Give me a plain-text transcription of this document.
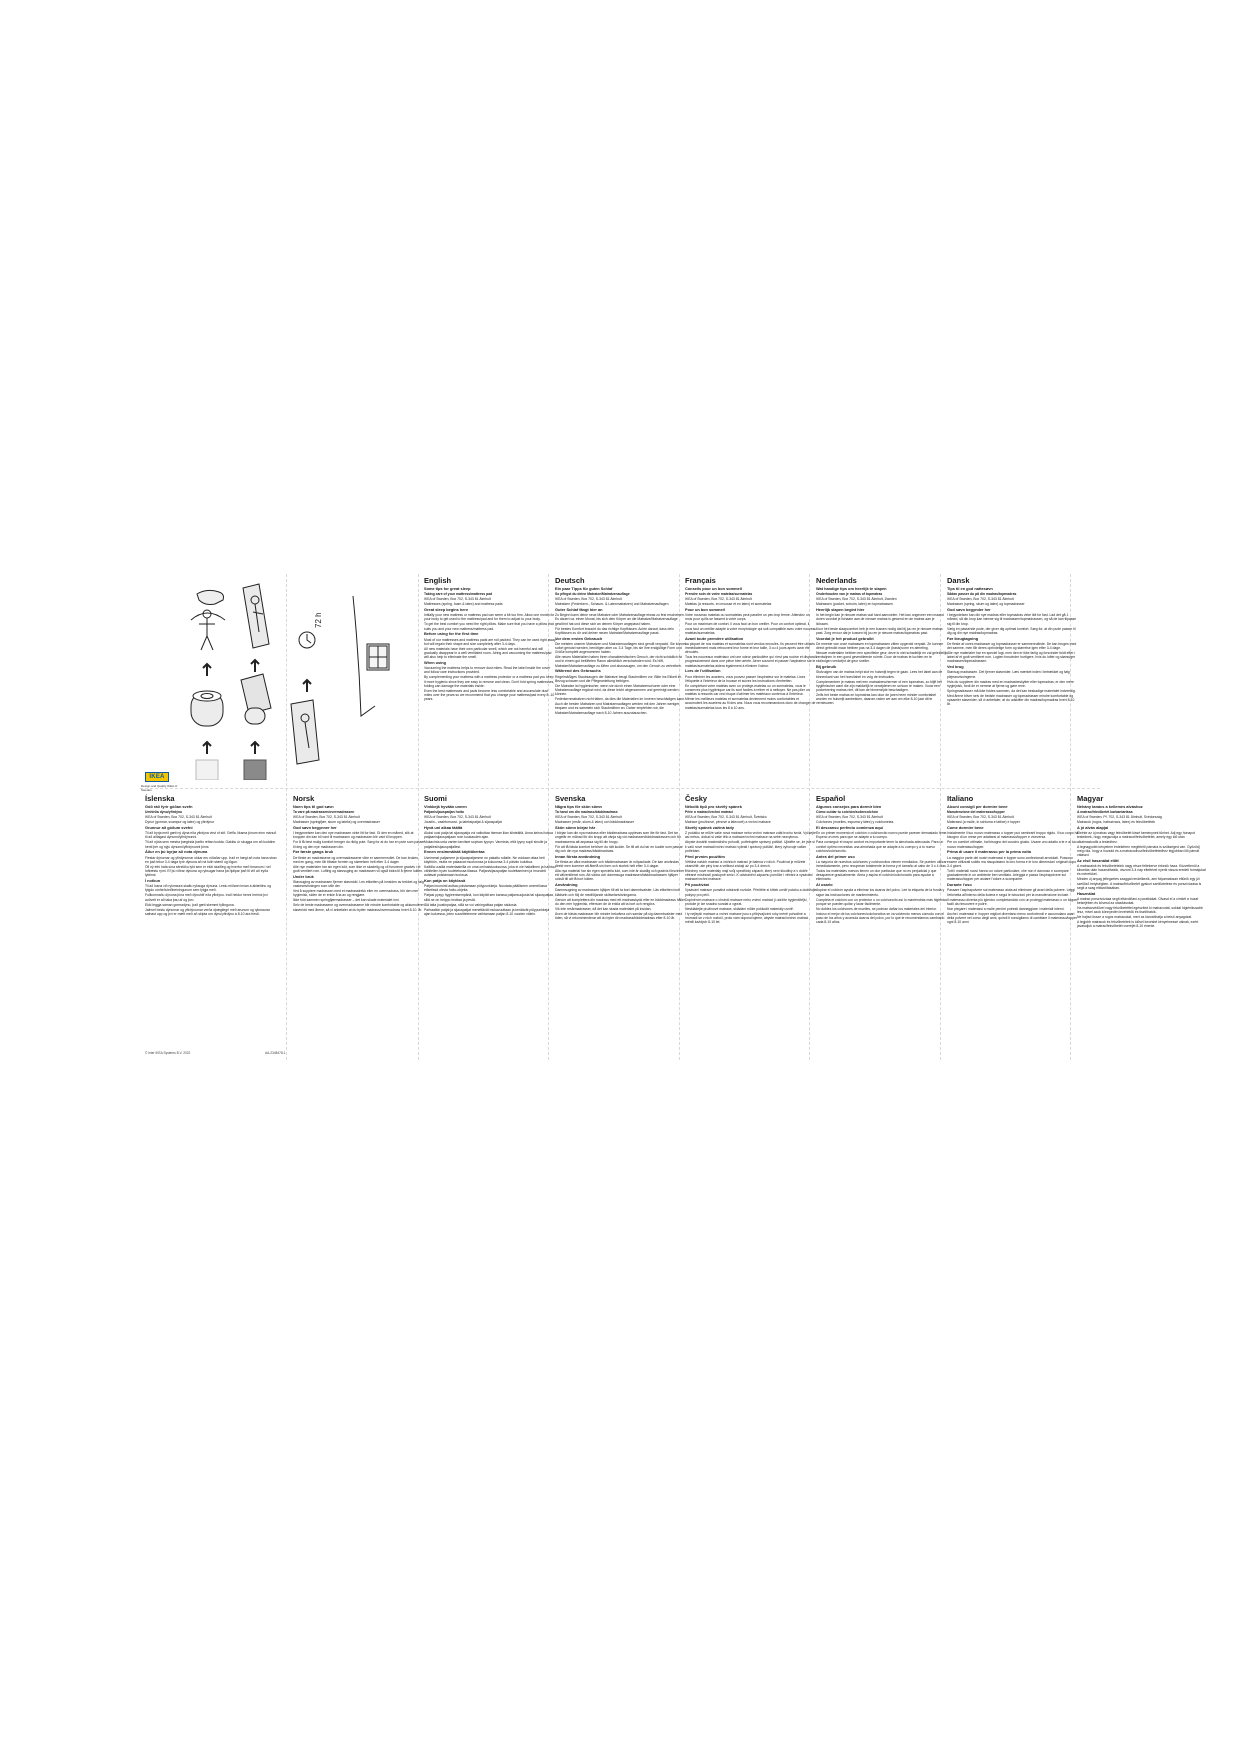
72 h
IKEA
Design and Quality IKEA of Sweden
English
Some tips for great sleep

Taking care of your mattress/mattress pad

IKEA of Sweden, Box 702, S-343 81 Älmhult

Mattresses (spring, foam & latex) and mattress pads

Great sleep begins here

Initially your new mattress or mattress pad can seem a bit too firm. Allow one month for your body to get used to the mattress/pad and for them to adjust to your body.

To get the best comfort you need the right pillow. Make sure that you have a pillow that suits you and your new mattress/mattress pad.

Before using for the first time

Most of our mattresses and mattress pads are roll packed. They can be used right away but will regain their shape and size completely after 3-4 days.

All new materials have their own particular smell, which are not harmful and will gradually disappear in a well ventilated room. Airing and vacuuming the mattress/pad will also help to eliminate the smell.

When using

Vacuuming the mattress helps to remove dust mites. Read the label inside the cover and follow care instructions provided.

By complementing your mattress with a mattress protector or a mattress pad you keep it more hygienic since they are easy to remove and clean. Don't fold spring mattresses, folding can damage the materials inside.

Even the best mattresses and pads become less comfortable and accumulate dust mites over the years so we recommend that you change your mattress/pad every 8 -10 years.

Deutsch
Ein paar Tipps für guten Schlaf

So pflegst du deine Matratze/Matratzenauflage

IKEA of Sweden, Box 702, S-343 81 Älmhult

Matratzen (Federkern-, Schaum- & Latexmatratzen) und Matratzenauflagen

Guter Schlaf fängt hier an

Zu Beginn kann deine neue Matratze oder Matratzenauflage etwas zu fest erscheinen. Es dauert ca. einen Monat, bis sich dein Körper an die Matratze/Matratzenauflage gewöhnt hat und diese sich an deinen Körper angepasst haben.

Für bestes Komfort braucht du das richtige Kopfkissen. Achte darauf, dass dein Kopfkissen zu dir und deiner neuen Matratze/Matratzenauflage passt.

Vor dem ersten Gebrauch

Die meisten unserer Matratzen und Matratzenauflagen sind gerollt verpackt. Sie können sofort genutzt werden, benötigen aber ca. 3-4 Tage, bis sie ihre endgültige Form und Größe komplett angenommen haben.

Alle neuen Materialien haben ihren charakteristischen Geruch, der nicht schädlich ist und in einem gut belüfteten Raum allmählich verschwinden wird. Es hilft, Matratze/Matratzenauflage zu lüften und abzusaugen, um den Geruch zu vertreiben.

Während des Gebrauchs

Regelmäßiges Staubsaugen der Matratze beugt Staubmilben vor. Bitte ins Etikett im Bezug schauen und die Pflegeanleitung befolgen.

Die Matratze ist hygienischer, wenn sie durch einen Matratzenschoner oder eine Matratzenauflage ergänzt wird, da diese leicht abgenommen und gereinigt werden können.

Federkernmatratzen nicht falten, da dies die Materialien im Inneren beschädigen kann.

Auch die besten Matratzen und Matratzenauflagen werden mit den Jahren weniger bequem und es sammeln sich Staubmilben an. Daher empfehlen wir, die Matratze/Matratzenauflage nach 8-10 Jahren auszutauschen.

Français
Conseils pour un bon sommeil

Prendre soin de votre matelas/surmatelas

IKEA of Sweden, Box 702, S-343 81 Älmhult

Matelas (à ressorts, en mousse et en latex) et surmatelas

Pour un bon sommeil

Votre nouveau matelas ou surmatelas peut paraître un peu trop ferme. Attendez un mois pour qu'ils se fassent à votre corps.

Pour un maximum de confort, il vous faut un bon oreiller. Pour un confort optimal, il vous faut un oreiller adapté à votre morphologie qui soit compatible avec votre nouveau matelas/surmatelas.

Avant toute première utilisation

La plupart de nos matelas et surmatelas sont vendus enroulés. Ils peuvent être utilisés immédiatement mais retrouvent leur forme et leur taille, 3 ou 4 jours après avoir été déroulés.

Tous les nouveaux matériaux ont une odeur particulière qui n'est pas nocive et disparaît progressivement dans une pièce bien aérée. Aérer souvent et passer l'aspirateur sur le matelas/surmatelas aidera également à éliminer l'odeur.

Lors de l'utilisation

Pour éliminer les acariens, vous pouvez passer l'aspirateur sur le matelas. Lisez l'étiquette à l'intérieur de la housse et suivez les instructions d'entretien.

En complétant votre matelas avec un protège-matelas ou un surmatelas, vous le conservez plus hygiénique car ils sont faciles à retirer et à nettoyer. Ne pas plier un matelas à ressorts car ceci risque d'abîmer les matériaux contenus à l'intérieur.

Même les meilleurs matelas et surmatelas deviennent moins confortables et accumulent les acariens au fil des ans. Nous vous recommandons donc de changer de matelas/surmatelas tous les 8 à 10 ans.

Nederlands
Wat handige tips om heerlijk te slapen

Onderhouden van je matras of topmatras

IKEA of Sweden, Box 702, S-343 81 Älmhult, Zweden

Matrassen (pocket, schuim, latex) en topmatrassen

Heerlijk slapen begint hier

In het begin kan je nieuwe matras wat hard aanvoelen. Het kan ongeveer een maand duren voordat je lichaam aan de nieuwe matras is gewend en de matras aan je lichaam.

Voor het beste slaapcomfort heb je een kussen nodig dat bij jou en je nieuwe matras past. Zorg ervoor dat je kussen bij jou en je nieuwe matras/topmatras past.

Voordat je het product gebruikt

De meeste van onze matrassen en topmatrassen zitten opgerold verpakt. Ze kunnen direct gebruikt maar hebben pas na 3-4 dagen de (basis)vorm en afmeting.

Nieuwe materialen hebben een specifieke geur, deze is niet schadelijk en zal geleidelijk verdwijnen in een goed geventileerde ruimte. Door de matras te luchten en te stofzuigen verdwijnt de geur sneller.

Bij gebruik

Stofzuigen van de matras helpt stof en huismijt tegen te gaan. Lees het label aan de binnenkant van het hoes/label en volg de instructies.

Complementeer je matras met een matrasbeschermer of een topmatras, zo blijft het hygiënischer want die zijn makkelijk te verwijderen en schoon te maken. Vouw een pocketvering matras niet, dit kan de binnenzijde beschadigen.

Zelfs het beste matras en topmatras kan door de jaren heen minder comfortabel worden en huismijt aantrekken, daarom raden we aan om elke 8-10 jaar dit te vernieuwen.

Dansk
Tips til en god nattesøvn

Sådan passer du på din madras/topmadras

IKEA of Sweden, Box 702, S-343 81 Älmhult

Madrasser (spring, skum og latex) og topmadrasser

God søvn begynder her

I begyndelsen kan din nye madras eller topmadras virke lidt for fast. Lad det gå 1 måned, så din krop kan vænne sig til madrassen/topmadrassen, og så de kan tilpasse sig til din krop.

Vælg en passende pude, der giver dig optimal komfort. Sørg for, at din pude passer til dig og din nye madras/topmadras.

Før ibrugtagning

De fleste af vores madrasser og topmadrasser er sammenrullede. De kan bruges med det samme, men får deres oprindelige form og størrelse igen efter 3-4 dage.

Alle nye materialer har en speciel lugt, men den er ikke farlig og forsvinder fuldt efter i løbet af et godt ventileret rum. Lugten forsvinder hurtigere, hvis du lufter og støvsuger madrassen/topmadrassen.

Ved brug

Støvsug madrassen. Det fjerner støvmider. Læs mærket inden i betrækket og følg plejeanvisningerne.

Hvis du supplerer din madras med en madrasbeskytter eller topmadras, er den mere hygiejnisk, fordi de er nemme at fjerne og gøre rene.

Springmadrasser må ikke foldes sammen, da det kan beskadige materialet indvendig.

Med årene bliver selv de bedste madrasser og topmadrasser mindre komfortable og opsamler støvmider, så vi anbefaler, at du udskifter din madras/topmadras hvert 8-10 år.

Íslenska
Góð ráð fyrir góðan svefn

Umhirða dýnu/yfirdýnu

IKEA of Sweden, Box 702, S-343 81 Älmhult

Dýnur (gormar, svampur og latex) og yfirdýnur

Grunnur að góðum svefni

Til að byrja með gæti ný dýna eða yfirdýna virst of stíf. Gefðu líkama þínum einn mánuð til að aðlagast dýnunni/yfirdýnunni.

Til að njóta sem mestra þæginda þarftu réttan kodda. Gakktu úr skugga um að koddinn henti þér og nýju dýnunni/yfirdýnunni þinni.

Áður en þú byrjar að nota dýnuna

Flestar dýnurnar og yfirdýnurnar okkar eru rúllaðar upp. Það er hægt að nota hana strax en það tekur 3-4 daga fyrir dýnuna að ná fullri stærð og lögun.

Öll ný efni hafa sína sérstöku lykt sem er ekki skaðleg og hverfur með tímanum í vel loftræstu rými. Ef þú viðrar dýnuna og ryksugar hana þá hjálpar það til við að eyða lyktinni.

Í notkun

Til að losna við rykmaura skaltu ryksuga dýnuna. Lestu miðann innan á áklæðinu og fylgdu umhirðuleiðbeiningunum sem fylgja með.

Fullkomnaðu dýnuna þína með dýnuhlíf eða yfirdýnu. Það heldur henni hreinni því auðvelt er að taka þau af og þvo.

Ekki leggja saman gormadýnu, það gæti skemmt fyllinguna.

Jafnvel bestu dýnurnar og yfirdýnurnar verða óþægilegri með árunum og rykmaurar safnast upp og því er mælt með að skipta um dýnu/yfirdýnu á 8-10 ára fresti.

Norsk
Noen tips til god søvn

Ta vare på madrassen/overmadrassen

IKEA of Sweden, Box 702, S-343 81 Älmhult

Madrasser (springfjær, skum og lateks) og overmadrasser

God søvn begynner her

I begynnelsen kan den nye madrassen virke litt for fast. Gi den en måned, slik at kroppen din kan bli vant til madrassen og madrassen blir vant til kroppen.

For å få best mulig komfort trenger du riktig pute. Sørg for at du har en pute som passer til deg og den nye madrassen din.

Før første gangs bruk

De fleste av madrassene og overmadrassene våre er sammenrullet. De kan brukes med en gang, men får tilbake formen og størrelsen helt etter 3-4 dager.

Alle nye materialer har sin egen lukt, som ikke er skadelig og vil forsvinne gradvis i et godt ventilert rom. Lufting og støvsuging av madrassen vil også bidra til å fjerne lukten.

Under bruk

Støvsuging av madrassen fjerner støvmidd. Les etiketten på innsiden av trekket og følg vaskeanvisningen som står der.

Ved å supplere madrassen med et madrasstrekk eller en overmadrass, blir den mer hygienisk, siden de er enkle å ta av og rengjøre.

Ikke fold sammen springfjærmadrasser – det kan skade materialet inni.

Selv de beste madrassene og overmadrassene blir mindre komfortable og akkumulerer støvmidd med årene, så vi anbefaler at du bytter madrass/overmadrass hvert 8-10. år.

Suomi
Vinkkejä hyvään uneen

Patjan/sijauspatjan hoito

IKEA of Sweden, Box 702, S-343 81 Älmhult

Joustin-, vaahtomuovi- ja lateksipatjat & sijauspatjat

Hyvä uni alkaa täältä

Aluksi uusi patja tai sijauspatja voi vaikuttaa hieman liian kiinteältä. Anna kehosi tottua patjaan/sijauspatjaan noin kuukauden ajan.

Mukavinta unta varten tarvitset sopivan tyynyn. Varmista, että tyyny sopii sinulle ja patjallesi/sijauspatjallesi.

Ennen ensimmäistä käyttökertaa

Useimmat patjamme ja sijauspatjamme on pakattu rullalle. Ne voidaan ottaa heti käyttöön, mutta ne palaavat muotoonsa ja kokoonsa 3-4 päivän kuluttua.

Kaikilla uusilla materiaaleilla on oma ominaistuoksunsa, joka ei ole haitallinen ja haihtuu vähitellen hyvin tuuletetussa tilassa. Patjan/sijauspatjan tuulettaminen ja imurointi auttavat poistamaan tuoksua.

Kun patja on käytössä

Patjan imurointi auttaa poistamaan pölypunkkeja. Noudata päälliseen ommellussa etiketissä olevia hoito-ohjeita.

Patjasi pysyy hygieenisempänä, kun käytät sen kanssa patjansuojusta tai sijauspatjaa, sillä ne on helppo irrottaa ja pestä.

Älä taita joustinpatjaa, sillä se voi vahingoittaa patjan sisäosia.

Parhaatkin patjat ja sijauspatjat menettävät mukavuuttaan ja keräävät pölypunkkeja ajan kuluessa, joten suosittelemme vaihtamaan patjan 8-10 vuoden välein.

Svenska
Några tips för skön sömn

Ta hand om din madrass/bäddmadrass

IKEA of Sweden, Box 702, S-343 81 Älmhult

Madrasser (resår, skum & latex) och bäddmadrasser

Skön sömn börjar här

I början kan din nya madrass eller bäddmadrass upplevas som lite för fast. Det tar ungefär en månad för din kropp att vänja sig vid madrassen/bäddmadrassen och för madrasserna att anpassa sig till din kropp.

För att få bästa komfort behöver du rätt kudde. Se till att du har en kudde som passar dig och din nya madrass/bäddmadrass.

Innan första användning

De flesta av våra madrasser och bäddmadrasser är rullpackade. De kan användas direkt men kommer att återfå sin form och storlek helt efter 3-4 dagar.

Alla nya material har sin egen speciella lukt, som inte är skadlig och gradvis försvinner i ett välventilerat rum. Att vädra och dammsuga madrassen/bäddmadrassen hjälper också till att få bort lukten.

Användning

Dammsugning av madrassen hjälper till att ta bort dammkvalster. Läs etiketten inuti klädseln och följ de medföljande skötselanvisningarna.

Genom att komplettera din madrass med ett madrasskydd eller en bäddmadrass håller du den mer hygienisk, eftersom de är enkla att ta bort och rengöra.

Vik inte resårmadrasser, då det kan skada materialet på insidan.

Även de bästa madrasser blir mindre bekväma och samlar på sig dammkvalster med tiden, så vi rekommenderar att du byter din madrass/bäddmadrass efter 8-10 år.

Česky
Několik tipů pro skvělý spánek

Péče o matraci/vrchní matraci

IKEA of Sweden, Box 702, S-343 81 Älmhult, Švédsko

Matrace (pružinové, pěnové a latexové) a vrchní matrace

Skvělý spánek začíná tady

Z počátku se může vaše nová matrace nebo vrchní matrace zdát trochu tvrdá. Vyčkejte asi měsíc, dokud si vaše tělo a matrace/vrchní matrace na sebe nezvyknou.

Abyste dosáhli maximálního pohodlí, potřebujete správný polštář. Ujistěte se, že jste si k vaší nové matraci/vrchní matraci vybrali i správný polštář, který vyhovuje vašim potřebám.

Před prvním použitím

Většina našich matrací a vrchních matrací je balena v rolích. Používat je můžete okamžitě, ale plný tvar a velikost získají až po 3-4 dnech.

Všechny nové materiály mají svůj specifický zápach, který není škodlivý a v dobře větrané místnosti postupně zmizí. K odstranění zápachu pomůže i větrání a vysávání matrace/vrchní matrace.

Při používání

Vysávání matrace pomáhá odstranit roztoče. Přečtěte si štítek uvnitř potahu a dodržujte pokyny pro péči.

Doplněním matrace o chránič matrace nebo vrchní matraci ji udržíte hygieničtější, protože je lze snadno sundat a vyprat.

Neskládejte pružinové matrace, skládání může poškodit materiály uvnitř.

I ty nejlepší matrace a vrchní matrace jsou s přibývajícími roky méně pohodlné a hromadí se v nich roztoči, proto vám doporučujeme, abyste matraci/vrchní matraci měnili každých 8-10 let.

Español
Algunos consejos para dormir bien

Cómo cuidar tu colchón/sobrecolchón

IKEA of Sweden, Box 702, S-343 81 Älmhult

Colchones (muelles, espuma y látex) y colchonetas

El descanso perfecto comienza aquí

En un primer momento el colchón o colchoncito nuevo puede parecer demasiado firme. Espera un mes para que se adapte a tu cuerpo.

Para conseguir el mayor confort es importante tener la almohada adecuada. Para un confort óptimo necesitas una almohada que se adapte a tu cuerpo y a tu nuevo colchón/colchoncito.

Antes del primer uso

La mayoría de nuestros colchones y colchoncitos vienen enrollados. Se pueden utilizar inmediatamente, pero recuperan totalmente la forma y el tamaño al cabo de 3 o 4 días.

Todos los materiales nuevos tienen un olor particular que no es perjudicial y que desaparece gradualmente. Airea y aspira el colchón/colchoncito para ayudar a eliminarlo.

Al usarlo

Aspirar el colchón ayuda a eliminar los ácaros del polvo. Lee la etiqueta de la funda y sigue las instrucciones de mantenimiento.

Completa el colchón con un protector o un colchoncito así lo mantendrás más higiénico porque se pueden quitar y lavar fácilmente.

No dobles los colchones de muelles, se podrían dañar los materiales del interior.

Incluso el mejor de los colchones/colchoncitos se va volviendo menos cómodo con el paso de los años y acumula ácaros del polvo, por lo que te recomendamos cambiarlo cada 8-10 años.

Italiano
Alcuni consigli per dormire bene

Manutenzione del materasso/topper

IKEA of Sweden, Box 702, S-343 81 Älmhult

Materassi (a molle, in schiuma e lattice) e topper

Come dormire bene

Inizialmente il tuo nuovo materasso o topper può sembrarti troppo rigido. Il tuo corpo ha bisogno di un mese per adattarsi al materasso/topper e viceversa.

Per un comfort ottimale, hai bisogno del cuscino giusto. Usane uno adatto a te e al tuo nuovo materasso/topper.

Prima di usare il materasso per la prima volta

La maggior parte dei nostri materassi e topper sono confezionati arrotolati. Possono essere utilizzati subito ma riacquistano la loro forma e le loro dimensioni originali dopo 3-4 giorni.

Tutti i materiali nuovi hanno un odore particolare, che non è dannoso e scompare gradualmente in un ambiente ben ventilato. Arieggia e passa l'aspirapolvere sul materasso/topper per aiutare l'odore a scomparire.

Durante l'uso

Passare l'aspirapolvere sul materasso aiuta ad eliminare gli acari della polvere. Leggi l'etichetta all'interno della fodera e segui le istruzioni per la manutenzione incluse.

Il materasso diventa più igienico completandolo con un proteggi materasso o un topper, facili da rimuovere e pulire.

Non piegare i materassi a molle perché potresti danneggiare i materiali interni.

Anche i materassi e i topper migliori diventano meno confortevoli e accumulano acari della polvere nel corso degli anni, quindi ti consigliamo di cambiare il materasso/topper ogni 8-10 anni.

Magyar
Néhány tanács a kellemes alváshoz

A matrac/fekvőbetét karbantartása

IKEA of Sweden, Pf. 702, S-343 81 Älmhult, Svédország

Matracok (rugós, habszivacs, latex) és fekvőbetétek

A jó alvás alapjai

Eleinte az új matrac vagy fekvőbetét kissé keménynek tűnhet. Adj egy hónapot testednek, hogy megszokja a matracot/fekvőbetétet, amely egy idő után alkalmazkodik a testedhez.

A legnagyobb kényelem érdekében megfelelő párnára is szükséged van. Győződj meg róla, hogy a hozzád és a matracodhoz/fekvőbetétedhez legjobban illő párnát válaszd.

Az első használat előtt

A matracaink és fekvőbetéteink nagy része feltekerve érkezik haza. Közvetlenül a kibontás után használhatók, viszont 3-4 nap elteltével nyerik vissza eredeti formájukat és méretüket.

Minden új anyag jellegzetes szaggal rendelkezik, ami folyamatosan eltűnik egy jól szellőző helyiségben. A matrac/fekvőbetét gyakori szellőztetése és porszívózása is segít a szag eltávolításában.

Használat

A matrac porszívózása segít eltávolítani a poratkákat. Olvasd el a címkét a huzat belsejében és kövesd az utasításokat.

Ha matracvédővel vagy fekvőbetéttel egészíted ki matracodat, sokkal higiénikusabb lesz, mivel azok könnyedén levehetők és tisztíthatók.

Ne hajtsd össze a rugós matracokat, mert az károsíthatja a belső anyagokat.

A legjobb matracok és fekvőbetétek is idővel kevésbé kényelmessé válnak, ezért javasoljuk a matrac/fekvőbetét cseréjét 8-10 évente.

© Inter IKEA Systems B.V. 2022	AA-2348478-1
